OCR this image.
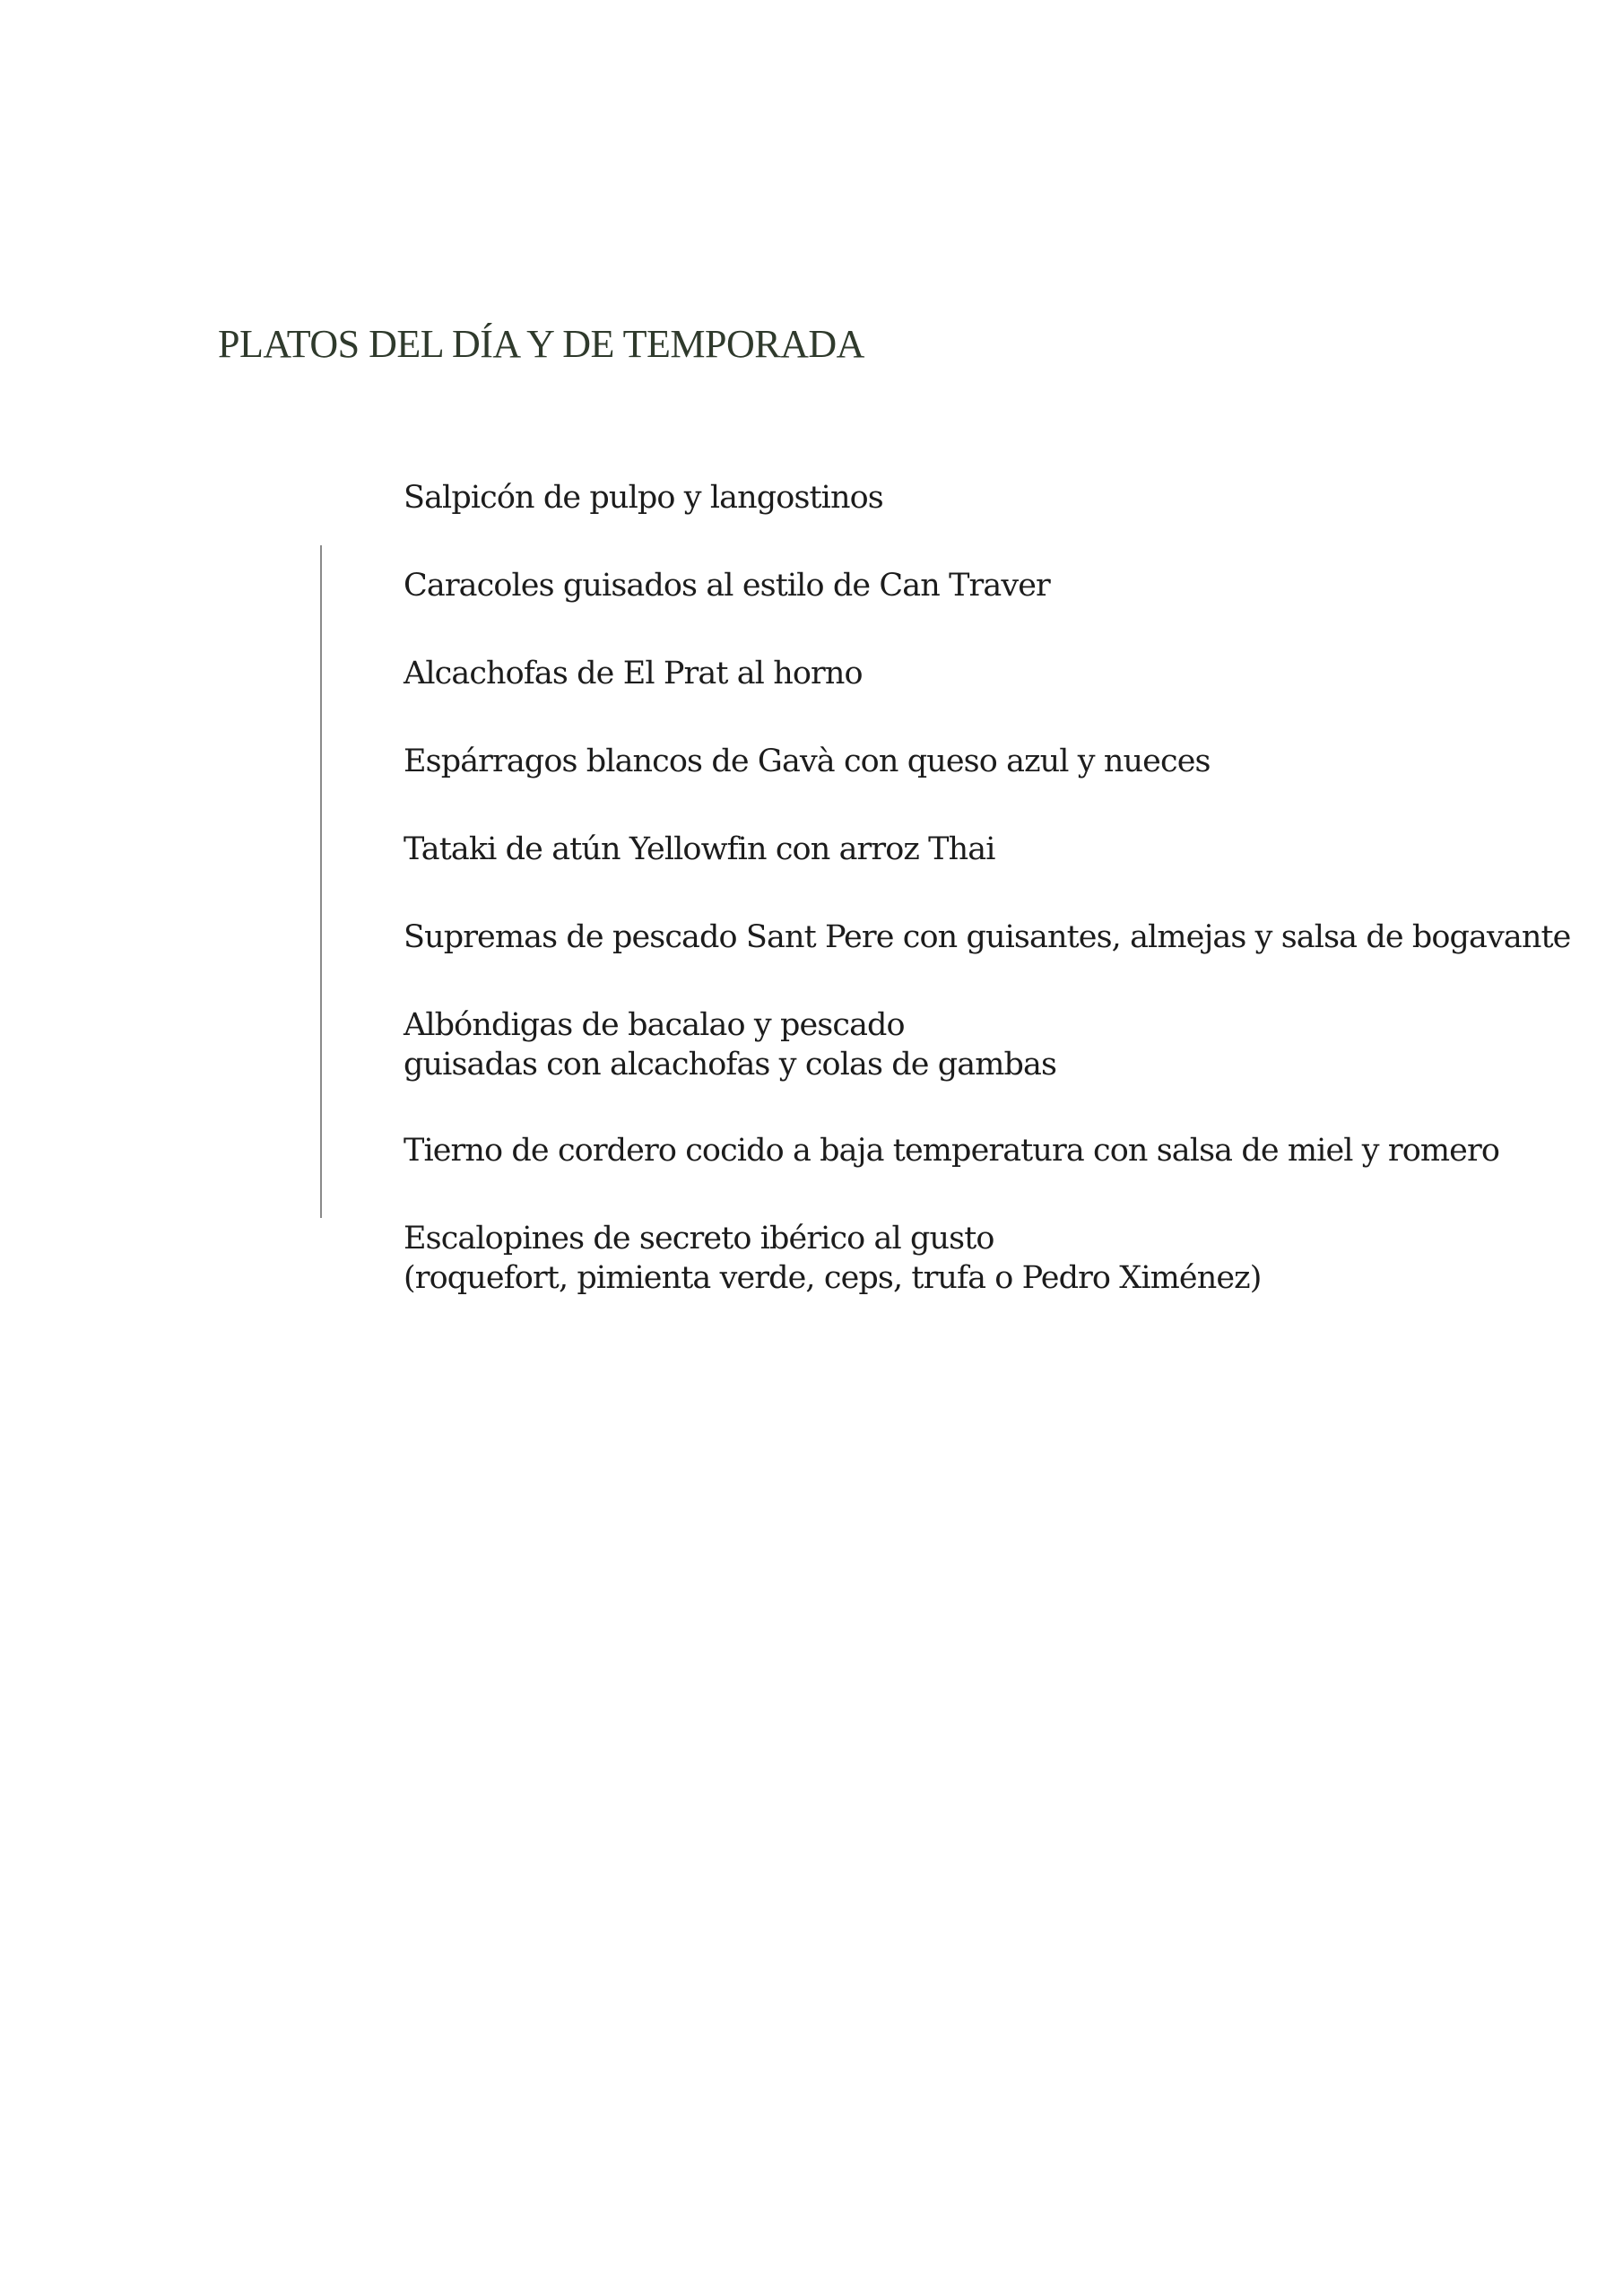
PLATOS DEL DÍA Y DE TEMPORADA
Salpicón de pulpo y langostinos
Caracoles guisados al estilo de Can Traver
Alcachofas de El Prat al horno
Espárragos blancos de Gavà con queso azul y nueces
Tataki de atún Yellowfin con arroz Thai
Supremas de pescado Sant Pere con guisantes, almejas y salsa de bogavante
Albóndigas de bacalao y pescado
guisadas con alcachofas y colas de gambas
Tierno de cordero cocido a baja temperatura con salsa de miel y romero
Escalopines de secreto ibérico al gusto
(roquefort, pimienta verde, ceps, trufa o Pedro Ximénez)
